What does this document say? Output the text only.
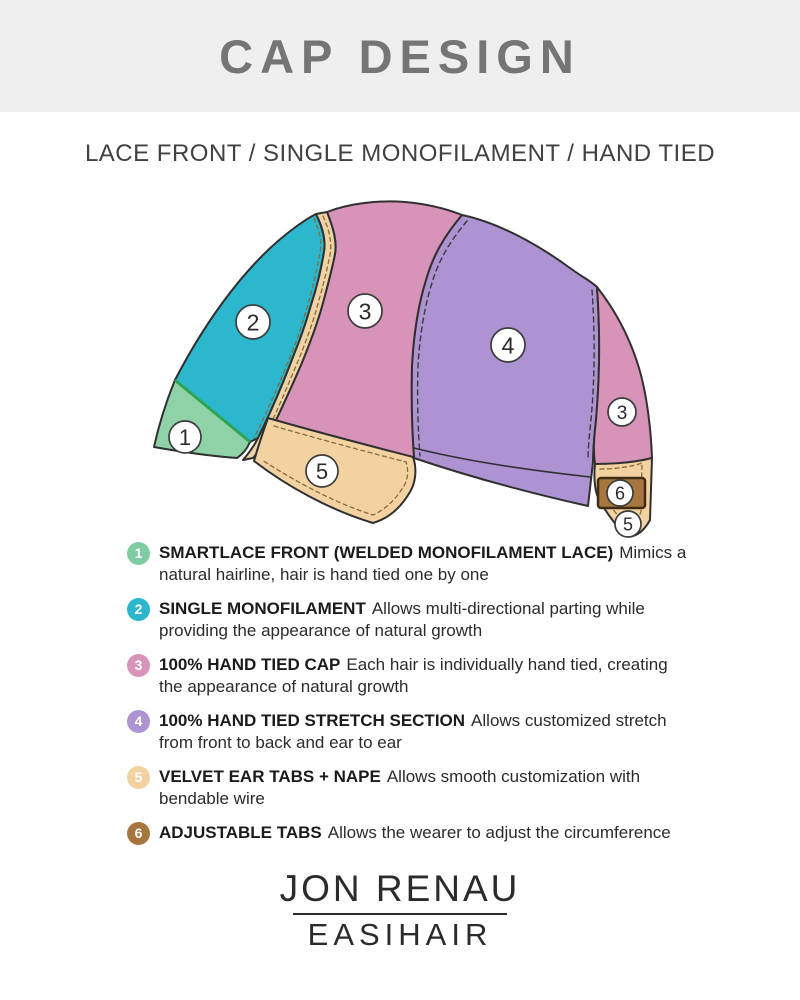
CAP DESIGN
LACE FRONT / SINGLE MONOFILAMENT / HAND TIED
1
2	3
4
3
5
6
5
1 SMARTLACE FRONT (WELDED MONOFILAMENT LACE) Mimics a natural hairline, hair is hand tied one by one
2 SINGLE MONOFILAMENT Allows multi-directional parting while providing the appearance of natural growth
3 100% HAND TIED CAP Each hair is individually hand tied, creating the appearance of natural growth
4 100% HAND TIED STRETCH SECTION Allows customized stretch from front to back and ear to ear
5 VELVET EAR TABS + NAPE Allows smooth customization with bendable wire
6 ADJUSTABLE TABS Allows the wearer to adjust the circumference
JON RENAU
EASIHAIR
